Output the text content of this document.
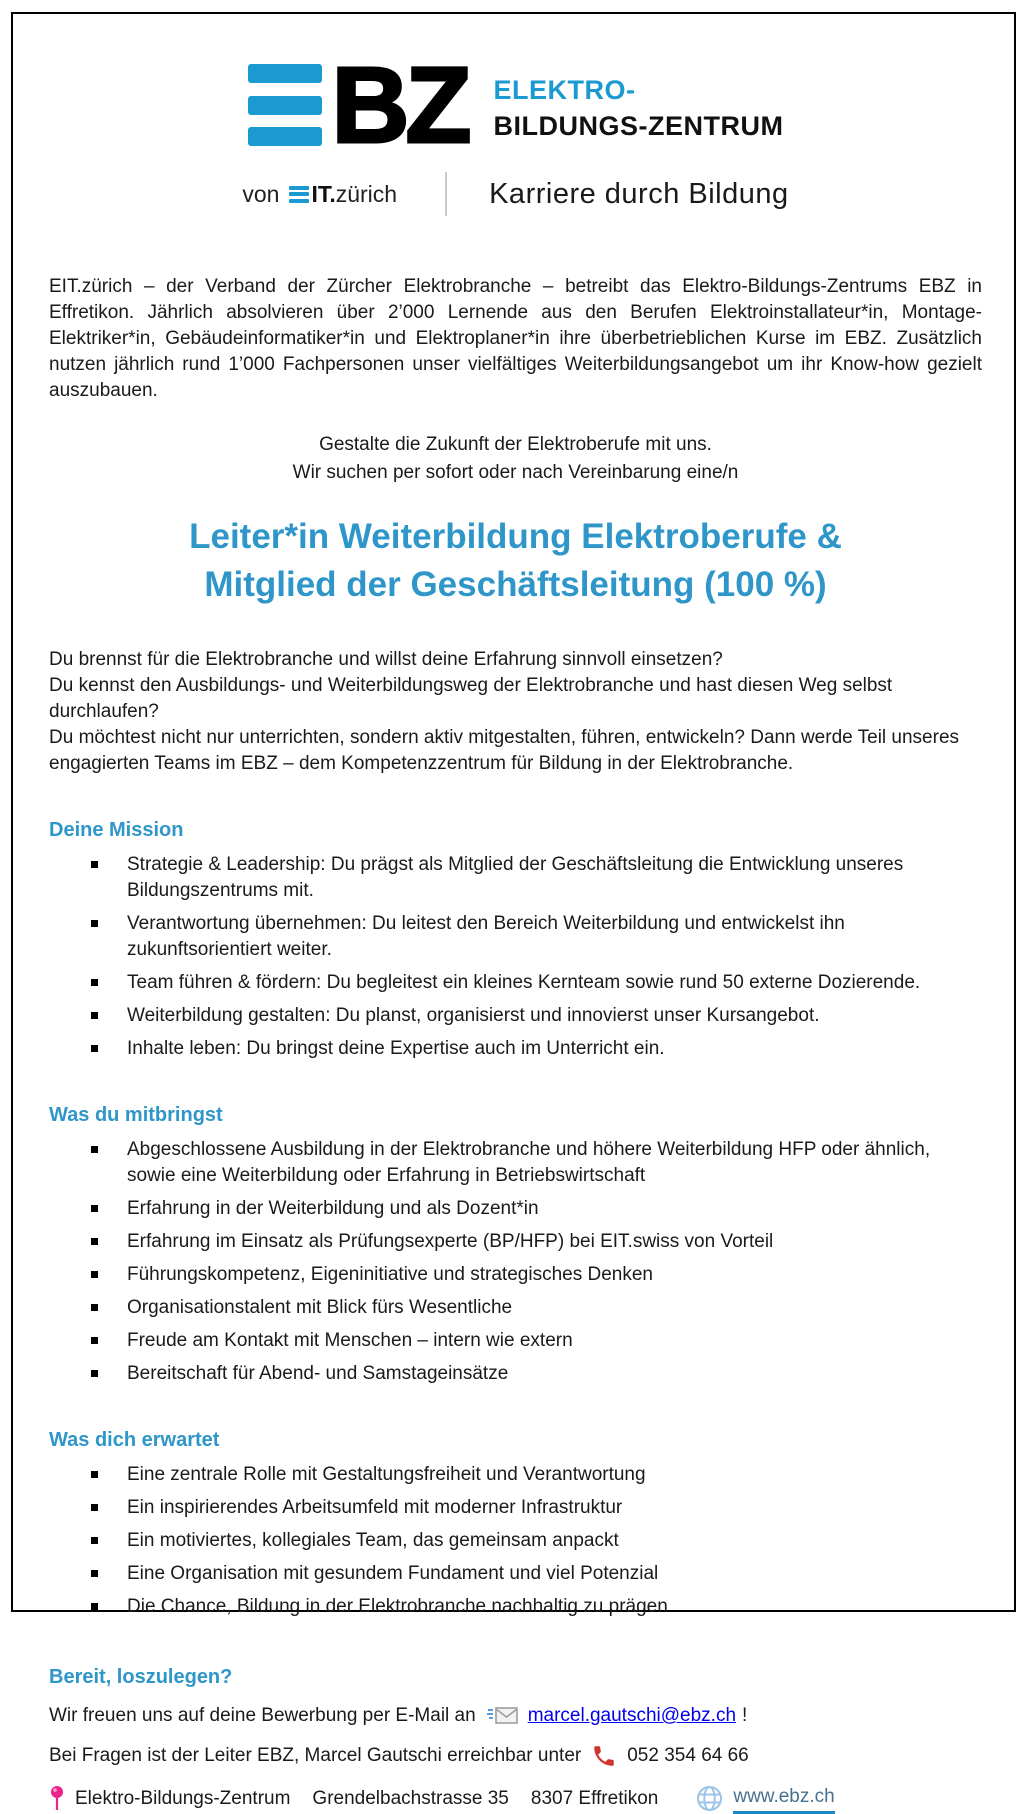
BZ ELEKTRO-
BILDUNGS-ZENTRUM
von IT. zürich	Karriere durch Bildung

EIT.zürich – der Verband der Zürcher Elektrobranche – betreibt das Elektro-Bildungs-Zentrums EBZ in Effretikon. Jährlich absolvieren über 2’000 Lernende aus den Berufen Elektroinstallateur*in, Montage-Elektriker*in, Gebäudeinformatiker*in und Elektroplaner*in ihre überbetrieblichen Kurse im EBZ. Zusätzlich nutzen jährlich rund 1’000 Fachpersonen unser vielfältiges Weiterbildungsangebot um ihr Know-how gezielt auszubauen.

Gestalte die Zukunft der Elektroberufe mit uns.
Wir suchen per sofort oder nach Vereinbarung eine/n
Leiter*in Weiterbildung Elektroberufe &
Mitglied der Geschäftsleitung (100 %)
Du brennst für die Elektrobranche und willst deine Erfahrung sinnvoll einsetzen?
Du kennst den Ausbildungs- und Weiterbildungsweg der Elektrobranche und hast diesen Weg selbst durchlaufen?
Du möchtest nicht nur unterrichten, sondern aktiv mitgestalten, führen, entwickeln? Dann werde Teil unseres engagierten Teams im EBZ – dem Kompetenzzentrum für Bildung in der Elektrobranche.
Deine Mission
Strategie & Leadership: Du prägst als Mitglied der Geschäftsleitung die Entwicklung unseres Bildungszentrums mit.
Verantwortung übernehmen: Du leitest den Bereich Weiterbildung und entwickelst ihn zukunftsorientiert weiter.
Team führen & fördern: Du begleitest ein kleines Kernteam sowie rund 50 externe Dozierende.
Weiterbildung gestalten: Du planst, organisierst und innovierst unser Kursangebot.
Inhalte leben: Du bringst deine Expertise auch im Unterricht ein.
Was du mitbringst
Abgeschlossene Ausbildung in der Elektrobranche und höhere Weiterbildung HFP oder ähnlich, sowie eine Weiterbildung oder Erfahrung in Betriebswirtschaft
Erfahrung in der Weiterbildung und als Dozent*in
Erfahrung im Einsatz als Prüfungsexperte (BP/HFP) bei EIT.swiss von Vorteil
Führungskompetenz, Eigeninitiative und strategisches Denken
Organisationstalent mit Blick fürs Wesentliche
Freude am Kontakt mit Menschen – intern wie extern
Bereitschaft für Abend- und Samstageinsätze
Was dich erwartet
Eine zentrale Rolle mit Gestaltungsfreiheit und Verantwortung
Ein inspirierendes Arbeitsumfeld mit moderner Infrastruktur
Ein motiviertes, kollegiales Team, das gemeinsam anpackt
Eine Organisation mit gesundem Fundament und viel Potenzial
Die Chance, Bildung in der Elektrobranche nachhaltig zu prägen
Bereit, loszulegen?
Wir freuen uns auf deine Bewerbung per E-Mail an	marcel.gautschi@ebz.ch !
Bei Fragen ist der Leiter EBZ, Marcel Gautschi erreichbar unter 052 354 64 66
Elektro-Bildungs-Zentrum Grendelbachstrasse 35 8307 Effretikon	www.ebz.ch
